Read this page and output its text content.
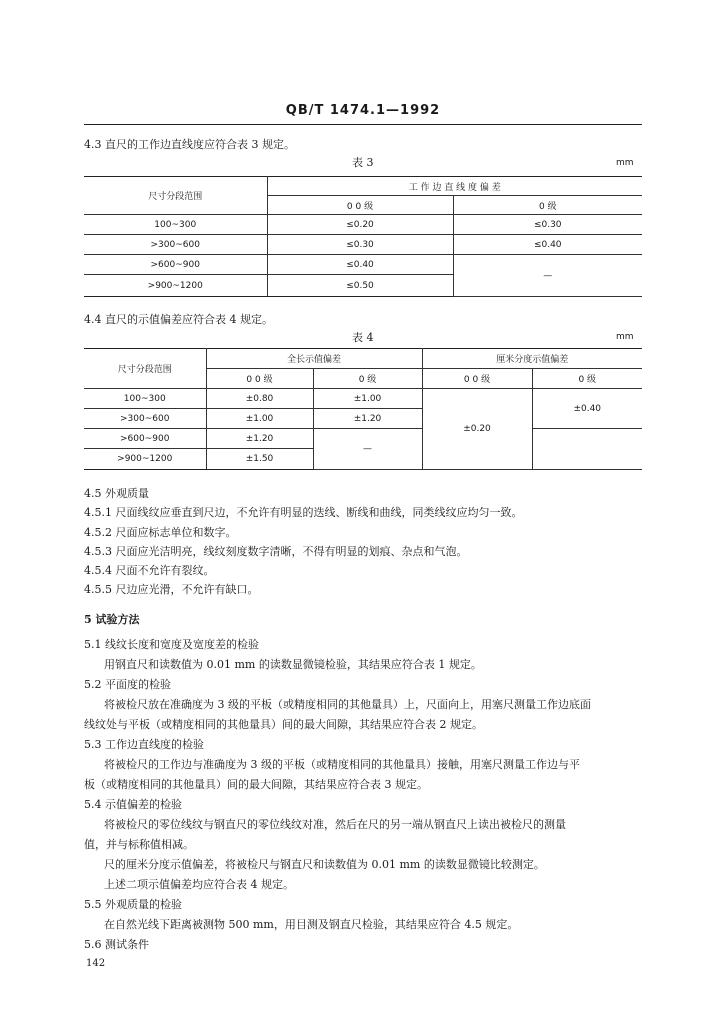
QB/T 1474.1—1992
4.3 直尺的工作边直线度应符合表 3 规定。
表 3	mm
尺寸分段范围	工 作 边 直 线 度 偏 差	
	0 0 级	0 级
100~300	≤0.20	≤0.30
>300~600	≤0.30	≤0.40
>600~900	≤0.40	—
>900~1200	≤0.50	
4.4 直尺的示值偏差应符合表 4 规定。
表 4	mm
尺寸分段范围	全长示值偏差		厘米分度示值偏差	
	0 0 级	0 级	0 0 级	0 级
100~300	±0.80	±1.00	±0.20	±0.40
>300~600	±1.00	±1.20		
>600~900	±1.20	—		
>900~1200	±1.50			
4.5 外观质量
4.5.1 尺面线纹应垂直到尺边，不允许有明显的迭线、断线和曲线，同类线纹应均匀一致。
4.5.2 尺面应标志单位和数字。
4.5.3 尺面应光洁明亮，线纹刻度数字清晰，不得有明显的划痕、杂点和气泡。
4.5.4 尺面不允许有裂纹。
4.5.5 尺边应光滑，不允许有缺口。
5 试验方法
5.1 线纹长度和宽度及宽度差的检验
用钢直尺和读数值为 0.01 mm 的读数显微镜检验，其结果应符合表 1 规定。
5.2 平面度的检验
将被检尺放在准确度为 3 级的平板（或精度相同的其他量具）上，尺面向上，用塞尺测量工作边底面
线纹处与平板（或精度相同的其他量具）间的最大间隙，其结果应符合表 2 规定。
5.3 工作边直线度的检验
将被检尺的工作边与准确度为 3 级的平板（或精度相同的其他量具）接触，用塞尺测量工作边与平
板（或精度相同的其他量具）间的最大间隙，其结果应符合表 3 规定。
5.4 示值偏差的检验
将被检尺的零位线纹与钢直尺的零位线纹对准，然后在尺的另一端从钢直尺上读出被检尺的测量
值，并与标称值相减。
尺的厘米分度示值偏差，将被检尺与钢直尺和读数值为 0.01 mm 的读数显微镜比较测定。
上述二项示值偏差均应符合表 4 规定。
5.5 外观质量的检验
在自然光线下距离被测物 500 mm，用目测及钢直尺检验，其结果应符合 4.5 规定。
5.6 测试条件
142
